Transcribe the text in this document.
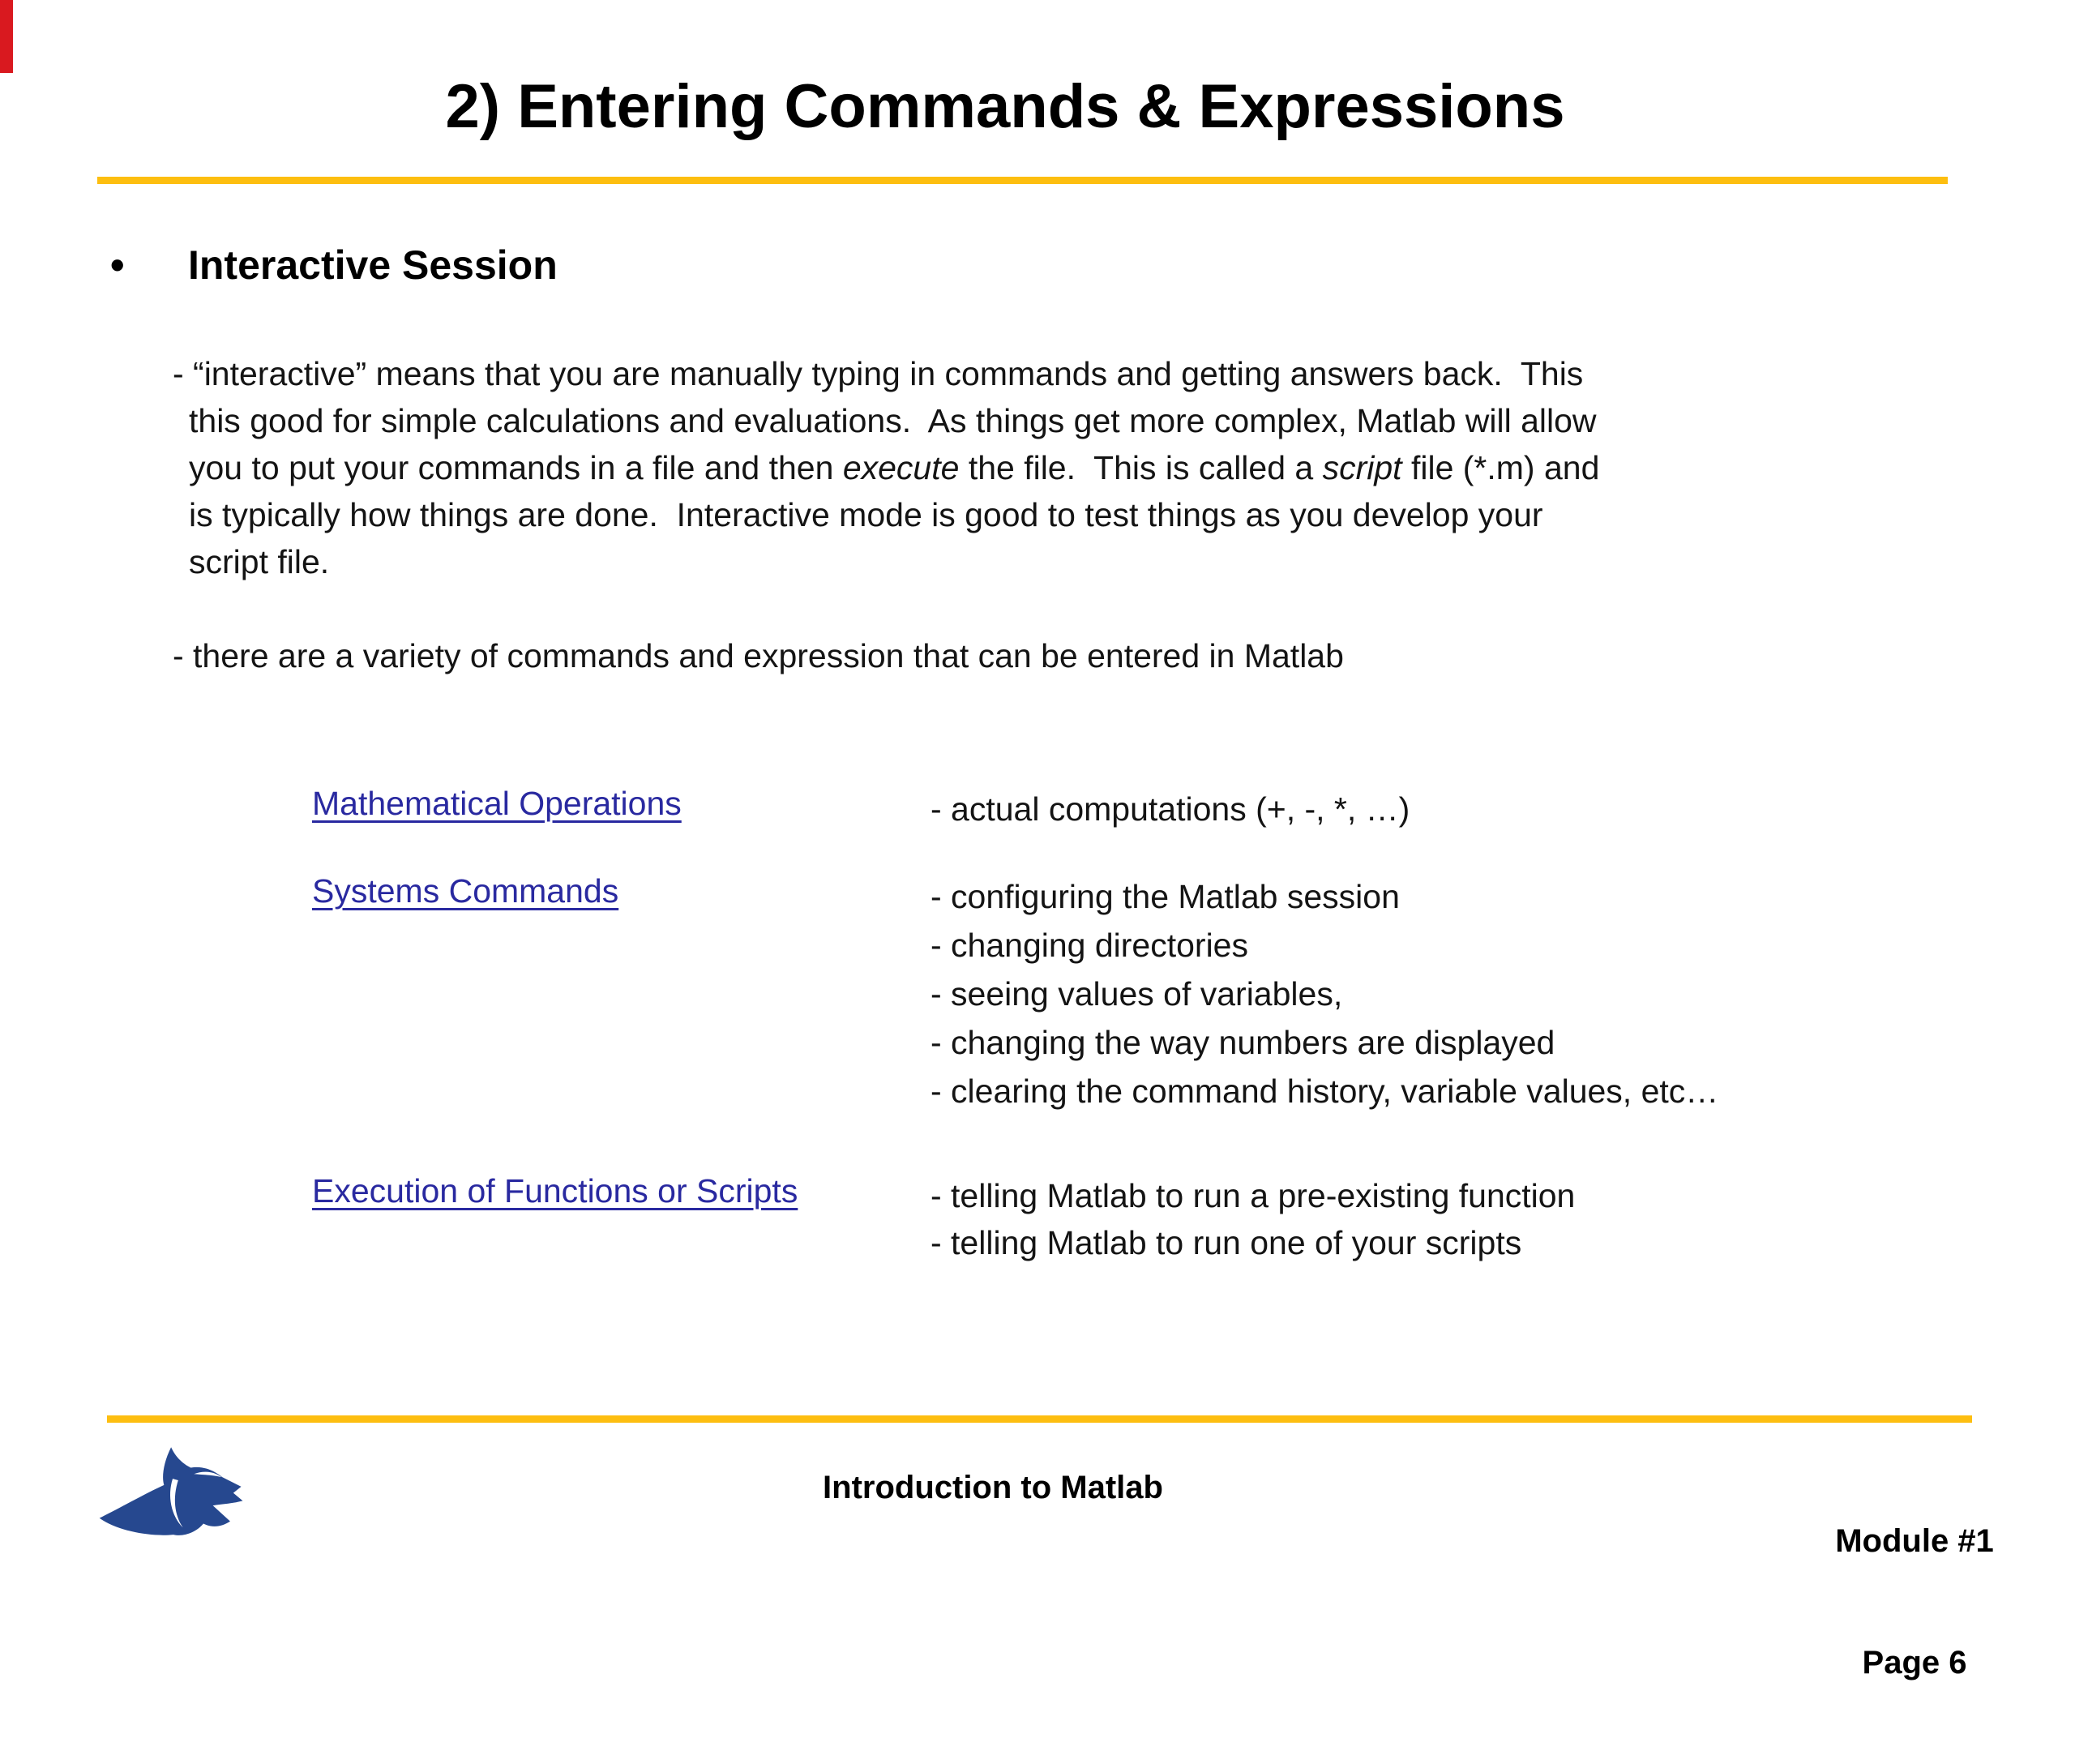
2) Entering Commands & Expressions
• Interactive Session
- “interactive” means that you are manually typing in commands and getting answers back.  This
this good for simple calculations and evaluations.  As things get more complex, Matlab will allow
you to put your commands in a file and then execute the file.  This is called a script file (*.m) and
is typically how things are done.  Interactive mode is good to test things as you develop your
script file.
- there are a variety of commands and expression that can be entered in Matlab
Mathematical Operations	- actual computations (+, -, *, …)
Systems Commands	- configuring the Matlab session
- changing directories
- seeing values of variables,
- changing the way numbers are displayed
- clearing the command history, variable values, etc…
Execution of Functions or Scripts	- telling Matlab to run a pre-existing function
- telling Matlab to run one of your scripts
Introduction to Matlab

Module #1

Page 6
